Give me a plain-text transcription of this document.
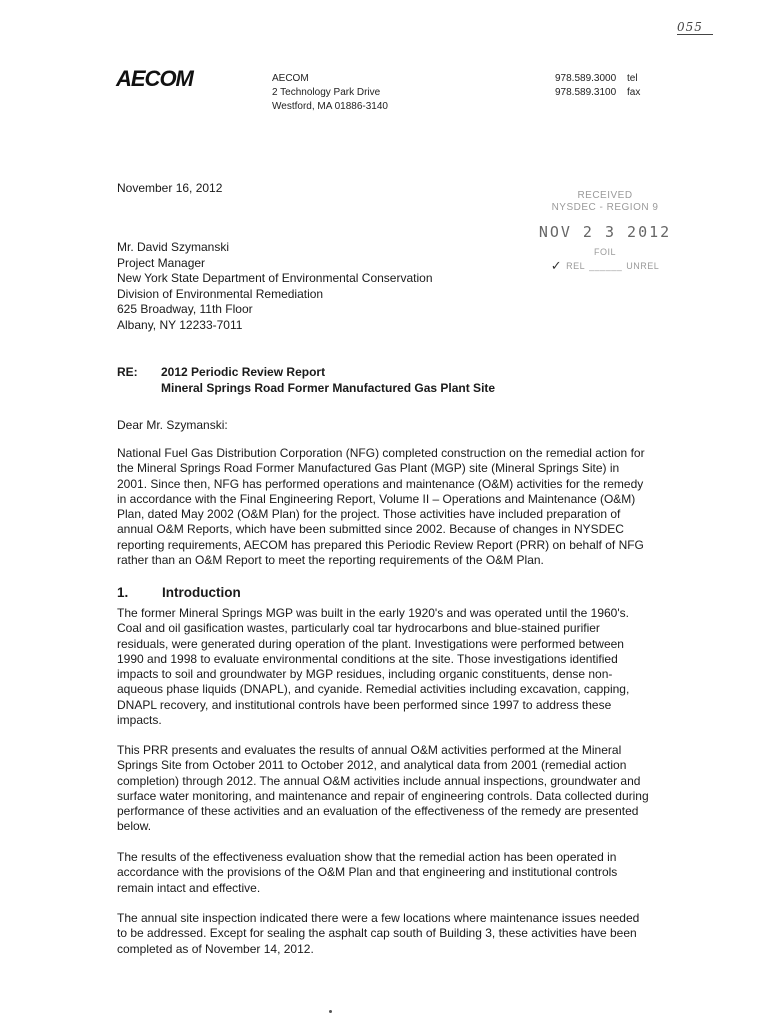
055
AECOM	AECOM
2 Technology Park Drive
Westford, MA 01886-3140
978.589.3000	tel
978.589.3100	fax
November 16, 2012
RECEIVED
NYSDEC - REGION 9
NOV 2 3 2012
FOIL
✓ REL ______ UNREL
Mr. David Szymanski
Project Manager
New York State Department of Environmental Conservation
Division of Environmental Remediation
625 Broadway, 11th Floor
Albany, NY 12233-7011
RE:	2012 Periodic Review Report
Mineral Springs Road Former Manufactured Gas Plant Site
Dear Mr. Szymanski:
National Fuel Gas Distribution Corporation (NFG) completed construction on the remedial action for the Mineral Springs Road Former Manufactured Gas Plant (MGP) site (Mineral Springs Site) in 2001. Since then, NFG has performed operations and maintenance (O&M) activities for the remedy in accordance with the Final Engineering Report, Volume II – Operations and Maintenance (O&M) Plan, dated May 2002 (O&M Plan) for the project. Those activities have included preparation of annual O&M Reports, which have been submitted since 2002. Because of changes in NYSDEC reporting requirements, AECOM has prepared this Periodic Review Report (PRR) on behalf of NFG rather than an O&M Report to meet the reporting requirements of the O&M Plan.
1.	Introduction
The former Mineral Springs MGP was built in the early 1920's and was operated until the 1960's. Coal and oil gasification wastes, particularly coal tar hydrocarbons and blue-stained purifier residuals, were generated during operation of the plant. Investigations were performed between 1990 and 1998 to evaluate environmental conditions at the site. Those investigations identified impacts to soil and groundwater by MGP residues, including organic constituents, dense non-aqueous phase liquids (DNAPL), and cyanide. Remedial activities including excavation, capping, DNAPL recovery, and institutional controls have been performed since 1997 to address these impacts.
This PRR presents and evaluates the results of annual O&M activities performed at the Mineral Springs Site from October 2011 to October 2012, and analytical data from 2001 (remedial action completion) through 2012. The annual O&M activities include annual inspections, groundwater and surface water monitoring, and maintenance and repair of engineering controls. Data collected during performance of these activities and an evaluation of the effectiveness of the remedy are presented below.
The results of the effectiveness evaluation show that the remedial action has been operated in accordance with the provisions of the O&M Plan and that engineering and institutional controls remain intact and effective.
The annual site inspection indicated there were a few locations where maintenance issues needed to be addressed. Except for sealing the asphalt cap south of Building 3, these activities have been completed as of November 14, 2012.
